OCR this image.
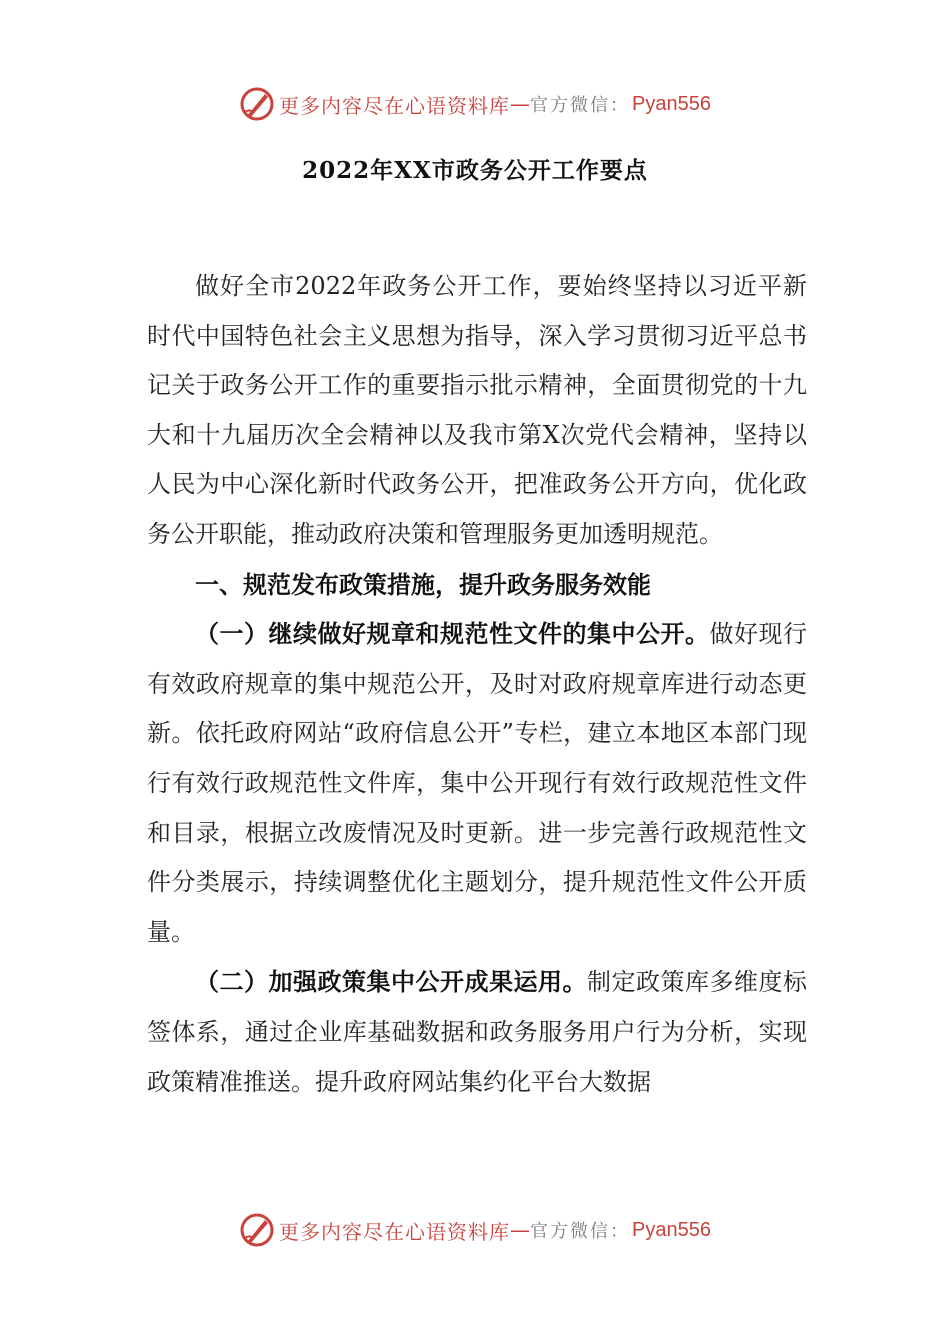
更多内容尽在心语资料库 — 官方微信： Pyan556
2022年XX市政务公开工作要点

做好全市2022年政务公开工作，要始终坚持以习近平新时代中国特色社会主义思想为指导，深入学习贯彻习近平总书记关于政务公开工作的重要指示批示精神，全面贯彻党的十九大和十九届历次全会精神以及我市第X次党代会精神，坚持以人民为中心深化新时代政务公开，把准政务公开方向，优化政务公开职能，推动政府决策和管理服务更加透明规范。

一、规范发布政策措施，提升政务服务效能

（一）继续做好规章和规范性文件的集中公开。做好现行有效政府规章的集中规范公开，及时对政府规章库进行动态更新。依托政府网站“政府信息公开”专栏，建立本地区本部门现行有效行政规范性文件库，集中公开现行有效行政规范性文件和目录，根据立改废情况及时更新。进一步完善行政规范性文件分类展示，持续调整优化主题划分，提升规范性文件公开质量。

（二）加强政策集中公开成果运用。制定政策库多维度标签体系，通过企业库基础数据和政务服务用户行为分析，实现政策精准推送。提升政府网站集约化平台大数据

更多内容尽在心语资料库 — 官方微信： Pyan556
